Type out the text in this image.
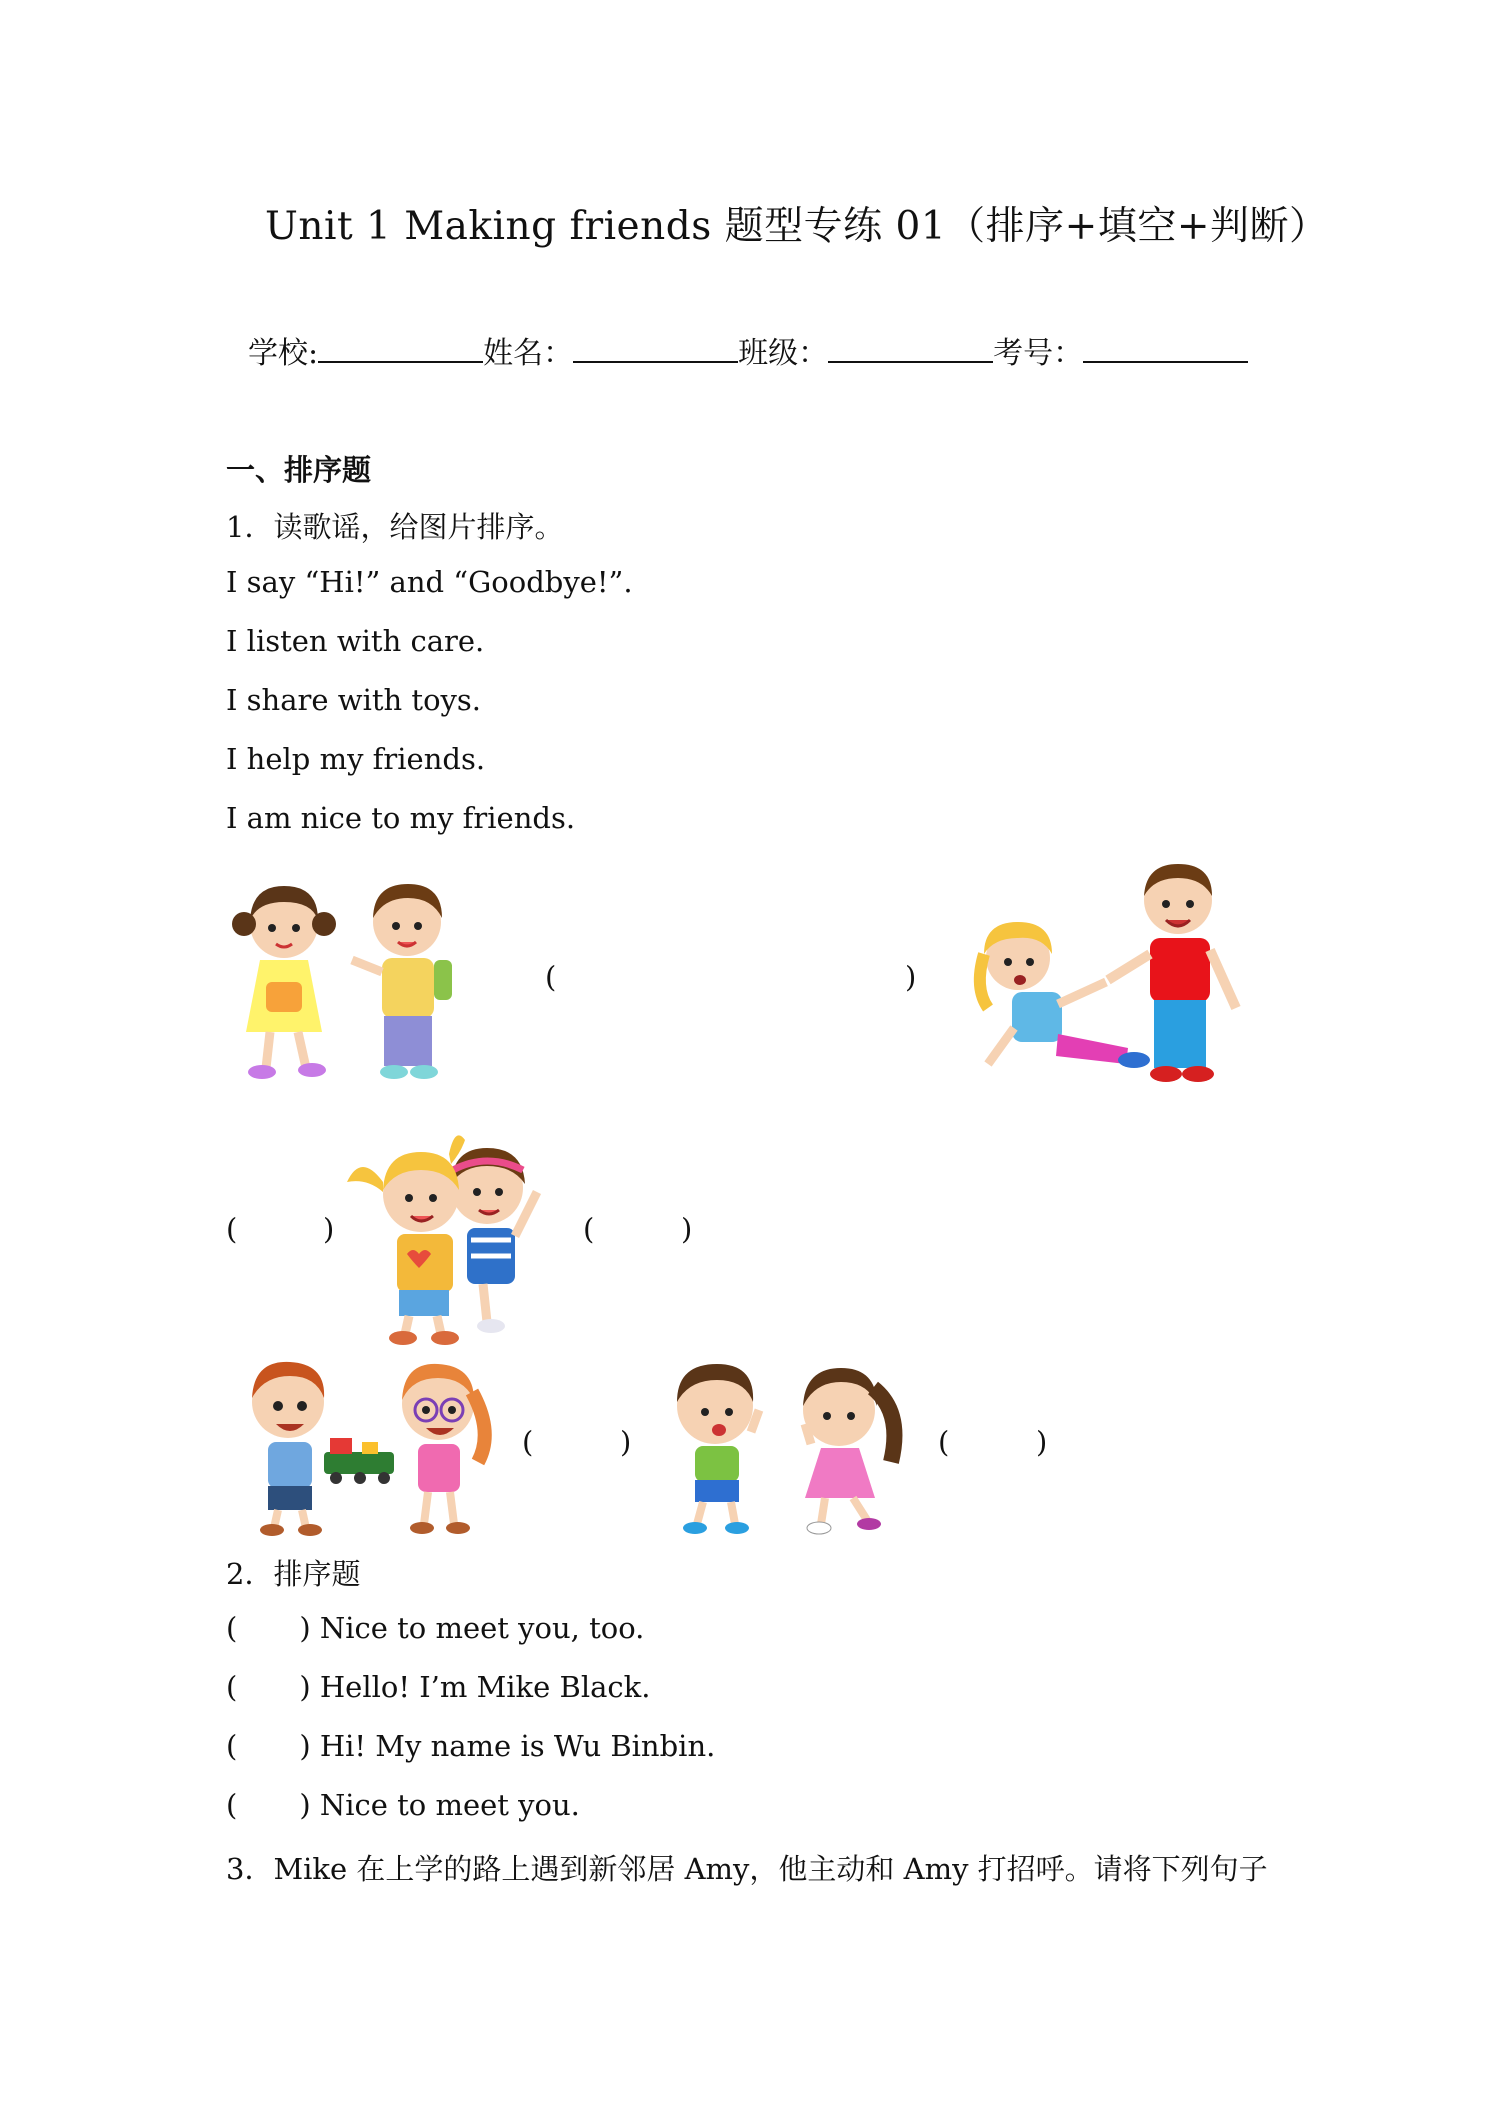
Unit 1 Making friends 题型专练 01（排序+填空+判断）
学校:	姓名：	班级：	考号：
一、排序题
1．读歌谣，给图片排序。
I say “Hi!” and “Goodbye!”.
I listen with care.
I share with toys.
I help my friends.
I am nice to my friends.
(	)
(	)	(	)
(	)	(	)
2．排序题
( ) Nice to meet you, too.
( ) Hello! I’m Mike Black.
( ) Hi! My name is Wu Binbin.
( ) Nice to meet you.
3．Mike 在上学的路上遇到新邻居 Amy，他主动和 Amy 打招呼。请将下列句子
